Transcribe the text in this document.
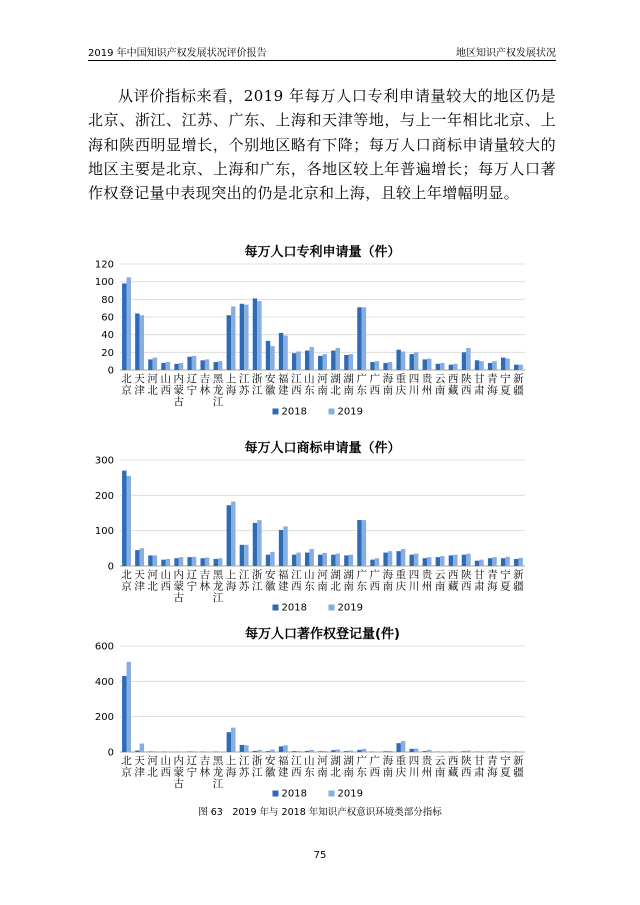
2019 年中国知识产权发展状况评价报告	地区知识产权发展状况

从评价指标来看，2019 年每万人口专利申请量较大的地区仍是北京、浙江、江苏、广东、上海和天津等地，与上一年相比北京、上海和陕西明显增长，个别地区略有下降；每万人口商标申请量较大的地区主要是北京、上海和广东，各地区较上年普遍增长；每万人口著作权登记量中表现突出的仍是北京和上海，且较上年增幅明显。

每万人口专利申请量（件）
0
20
40
60
80
100
120
北京
天津
河北
山西
内蒙古
辽宁
吉林
黑龙江
上海
江苏
浙江
安徽
福建
江西
山东
河南
湖北
湖南
广东
广西
海南
重庆
四川
贵州
云南
西藏
陕西
甘肃
青海
宁夏
新疆
2018	2019
每万人口商标申请量（件）
0
100
200
300
北京
天津
河北
山西
内蒙古
辽宁
吉林
黑龙江
上海
江苏
浙江
安徽
福建
江西
山东
河南
湖北
湖南
广东
广西
海南
重庆
四川
贵州
云南
西藏
陕西
甘肃
青海
宁夏
新疆
2018	2019
每万人口著作权登记量(件)
0
200
400
600
北京
天津
河北
山西
内蒙古
辽宁
吉林
黑龙江
上海
江苏
浙江
安徽
福建
江西
山东
河南
湖北
湖南
广东
广西
海南
重庆
四川
贵州
云南
西藏
陕西
甘肃
青海
宁夏
新疆
2018	2019
图 63　2019 年与 2018 年知识产权意识环境类部分指标
75
